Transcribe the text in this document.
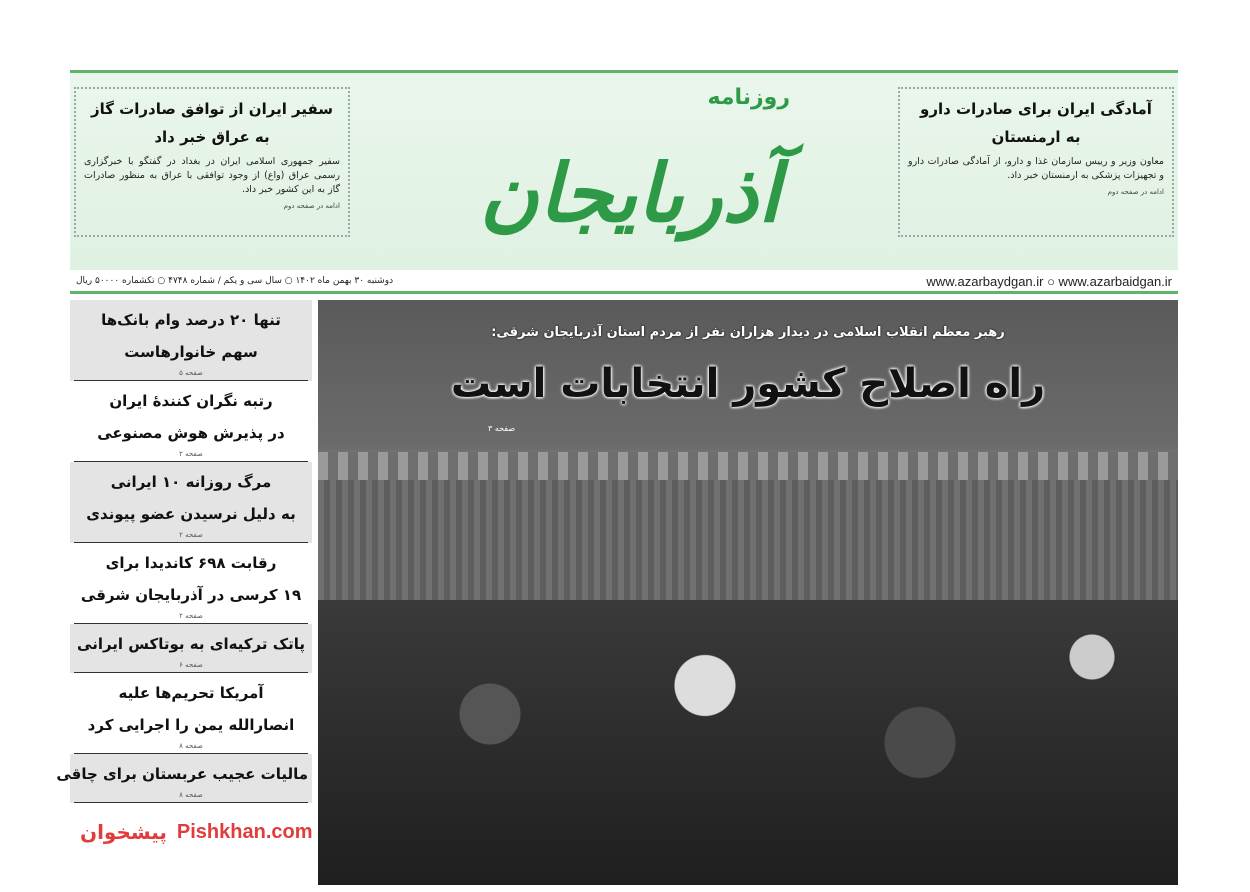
آمادگی ایران برای صادرات دارو
به ارمنستان

معاون وزیر و رییس سازمان غذا و دارو، از آمادگی صادرات دارو و تجهیزات پزشکی به ارمنستان خبر داد.

ادامه در صفحه دوم
روزنامه
آذربایجان
سفیر ایران از توافق صادرات گاز
به عراق خبر داد

سفیر جمهوری اسلامی ایران در بغداد در گفتگو با خبرگزاری رسمی عراق (واع) از وجود توافقی با عراق به منظور صادرات گاز به این کشور خبر داد.

ادامه در صفحه دوم
www.azarbaydgan.ir ○ www.azarbaidgan.ir
دوشنبه ۳۰ بهمن ماه ۱۴۰۲ ○ سال سی و یکم / شماره ۴۷۴۸ ○ تکشماره ۵۰۰۰۰ ریال
رهبر معظم انقلاب اسلامی در دیدار هزاران نفر از مردم استان آذربایجان شرقی:
راه اصلاح کشور انتخابات است
صفحه ۳
تنها ۲۰ درصد وام بانک‌ها
سهم خانوارهاست
صفحه ۵
رتبه نگران کنندهٔ ایران
در پذیرش هوش مصنوعی
صفحه ۲
مرگ روزانه ۱۰ ایرانی
به دلیل نرسیدن عضو پیوندی
صفحه ۲
رقابت ۶۹۸ کاندیدا برای
۱۹ کرسی در آذربایجان شرقی
صفحه ۲
پاتک ترکیه‌ای به بوتاکس ایرانی
صفحه ۶
آمریکا تحریم‌ها علیه
انصارالله یمن را اجرایی کرد
صفحه ۸
مالیات عجیب عربستان برای چاقی
صفحه ۸
پیشخوان Pishkhan.com
